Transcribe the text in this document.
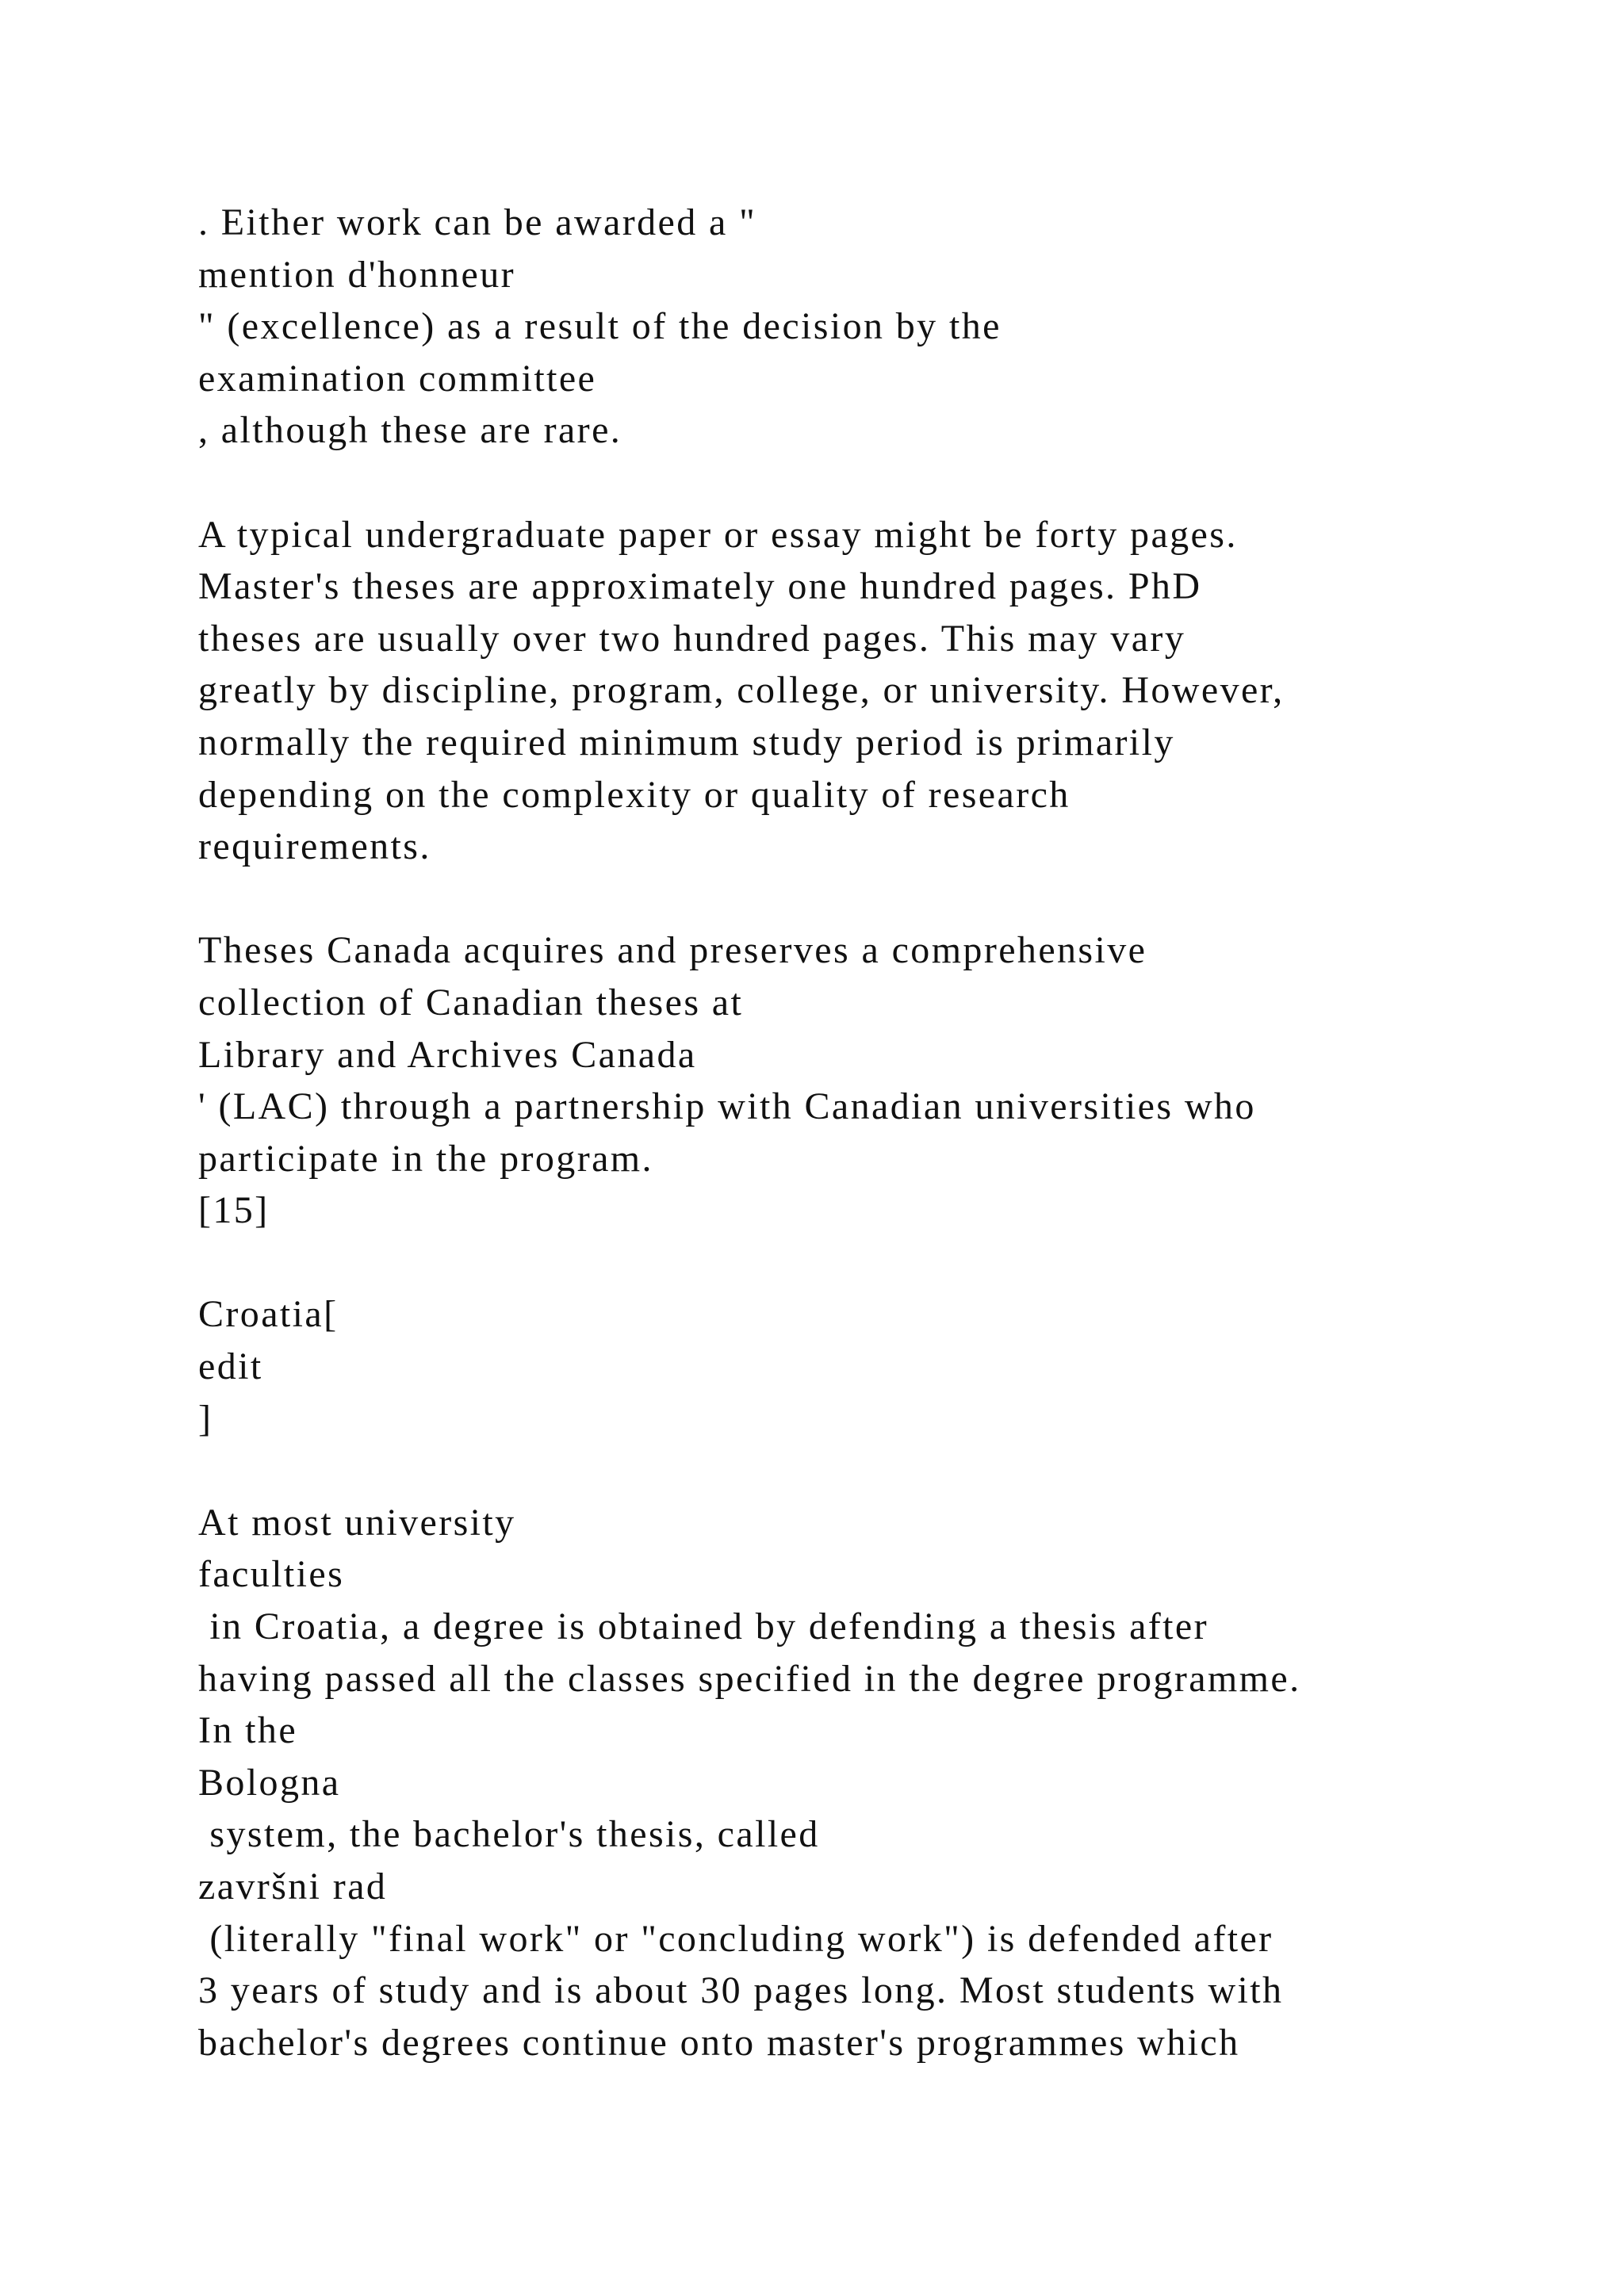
. Either work can be awarded a "
mention d'honneur
" (excellence) as a result of the decision by the
examination committee
, although these are rare.
A typical undergraduate paper or essay might be forty pages.
Master's theses are approximately one hundred pages. PhD
theses are usually over two hundred pages. This may vary
greatly by discipline, program, college, or university. However,
normally the required minimum study period is primarily
depending on the complexity or quality of research
requirements.
Theses Canada acquires and preserves a comprehensive
collection of Canadian theses at
Library and Archives Canada
' (LAC) through a partnership with Canadian universities who
participate in the program.
[15]
Croatia[
edit
]
At most university
faculties
in Croatia, a degree is obtained by defending a thesis after
having passed all the classes specified in the degree programme.
In the
Bologna
system, the bachelor's thesis, called
završni rad
(literally "final work" or "concluding work") is defended after
3 years of study and is about 30 pages long. Most students with
bachelor's degrees continue onto master's programmes which
